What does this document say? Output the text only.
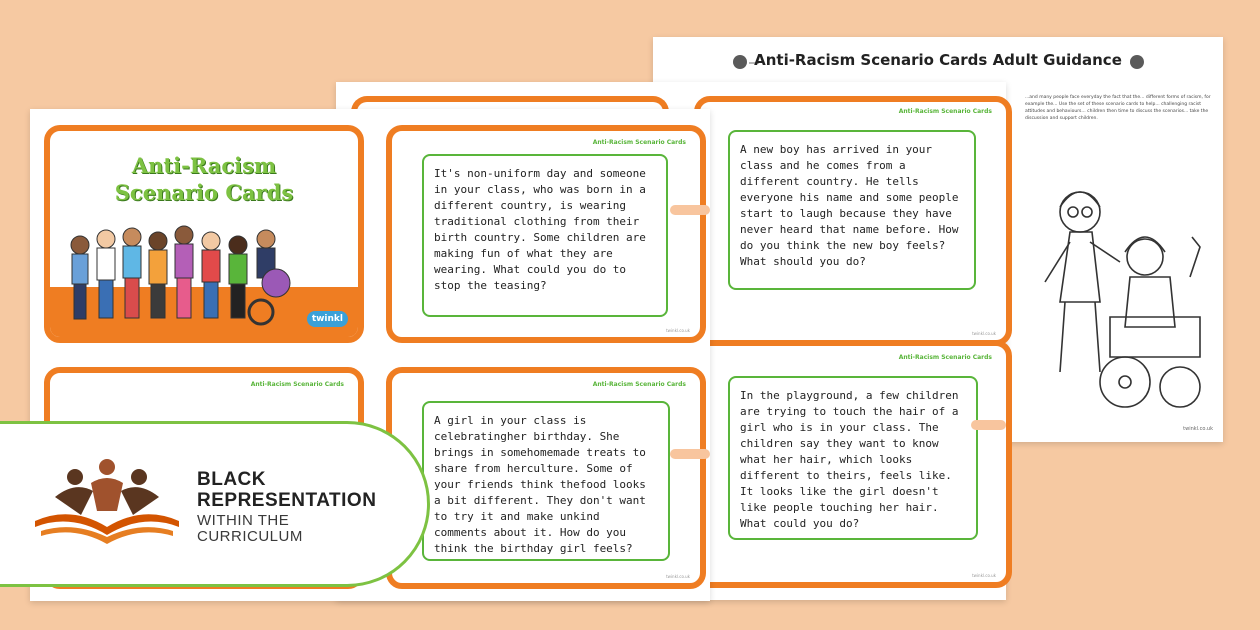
Anti-Racism Scenario Cards Adult Guidance
...and many people face everyday the fact that the... different forms of racism, for example the... Use the set of these scenario cards to help... challenging racist attitudes and behaviours... children then time to discuss the scenarios... take the discussion and support children.
twinkl.co.uk
Anti-Racism Scenario Cards
A new boy has arrived in your class and he comes from a different country. He tells everyone his name and some people start to laugh because they have never heard that name before. How do you think the new boy feels? What should you do?
twinkl.co.uk
Anti-Racism Scenario Cards
In the playground, a few children are trying to touch the hair of a girl who is in your class. The children say they want to know what her hair, which looks different to theirs, feels like. It looks like the girl doesn't like people touching her hair. What could you do?
twinkl.co.uk
Anti-Racism
Scenario Cards
twinkl
Anti-Racism Scenario Cards
It's non-uniform day and someone in your class, who was born in a different country, is wearing traditional clothing from their birth country. Some children are making fun of what they are wearing. What could you do to stop the teasing?
twinkl.co.uk
Anti-Racism Scenario Cards	Anti-Racism Scenario Cards
A girl in your class is celebratingher birthday. She brings in somehomemade treats to share from herculture. Some of your friends think thefood looks a bit different. They don't want to try it and make unkind comments about it. How do you think the birthday girl feels?
twinkl.co.uk
BLACK
REPRESENTATION
WITHIN THE
CURRICULUM
